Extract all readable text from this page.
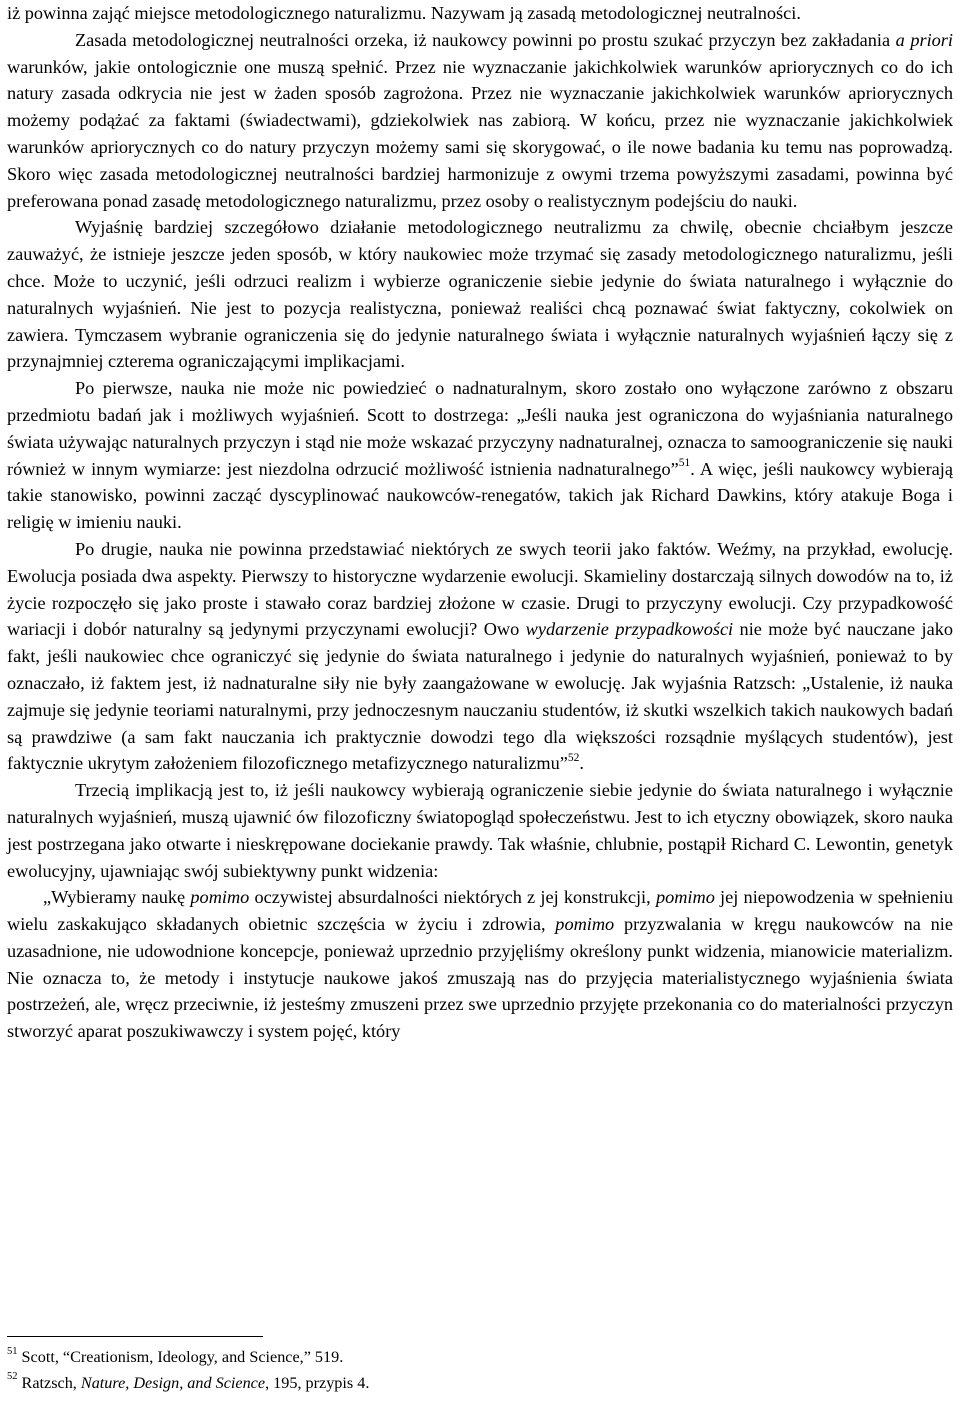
iż powinna zająć miejsce metodologicznego naturalizmu. Nazywam ją zasadą metodologicznej neutralności.

Zasada metodologicznej neutralności orzeka, iż naukowcy powinni po prostu szukać przyczyn bez zakładania a priori warunków, jakie ontologicznie one muszą spełnić. Przez nie wyznaczanie jakichkolwiek warunków apriorycznych co do ich natury zasada odkrycia nie jest w żaden sposób zagrożona. Przez nie wyznaczanie jakichkolwiek warunków apriorycznych możemy podążać za faktami (świadectwami), gdziekolwiek nas zabiorą. W końcu, przez nie wyznaczanie jakichkolwiek warunków apriorycznych co do natury przyczyn możemy sami się skorygować, o ile nowe badania ku temu nas poprowadzą. Skoro więc zasada metodologicznej neutralności bardziej harmonizuje z owymi trzema powyższymi zasadami, powinna być preferowana ponad zasadę metodologicznego naturalizmu, przez osoby o realistycznym podejściu do nauki.

Wyjaśnię bardziej szczegółowo działanie metodologicznego neutralizmu za chwilę, obecnie chciałbym jeszcze zauważyć, że istnieje jeszcze jeden sposób, w który naukowiec może trzymać się zasady metodologicznego naturalizmu, jeśli chce. Może to uczynić, jeśli odrzuci realizm i wybierze ograniczenie siebie jedynie do świata naturalnego i wyłącznie do naturalnych wyjaśnień. Nie jest to pozycja realistyczna, ponieważ realiści chcą poznawać świat faktyczny, cokolwiek on zawiera. Tymczasem wybranie ograniczenia się do jedynie naturalnego świata i wyłącznie naturalnych wyjaśnień łączy się z przynajmniej czterema ograniczającymi implikacjami.

Po pierwsze, nauka nie może nic powiedzieć o nadnaturalnym, skoro zostało ono wyłączone zarówno z obszaru przedmiotu badań jak i możliwych wyjaśnień. Scott to dostrzega: „Jeśli nauka jest ograniczona do wyjaśniania naturalnego świata używając naturalnych przyczyn i stąd nie może wskazać przyczyny nadnaturalnej, oznacza to samoograniczenie się nauki również w innym wymiarze: jest niezdolna odrzucić możliwość istnienia nadnaturalnego”$^{51}$. A więc, jeśli naukowcy wybierają takie stanowisko, powinni zacząć dyscyplinować naukowców-renegatów, takich jak Richard Dawkins, który atakuje Boga i religię w imieniu nauki.

Po drugie, nauka nie powinna przedstawiać niektórych ze swych teorii jako faktów. Weźmy, na przykład, ewolucję. Ewolucja posiada dwa aspekty. Pierwszy to historyczne wydarzenie ewolucji. Skamieliny dostarczają silnych dowodów na to, iż życie rozpoczęło się jako proste i stawało coraz bardziej złożone w czasie. Drugi to przyczyny ewolucji. Czy przypadkowość wariacji i dobór naturalny są jedynymi przyczynami ewolucji? Owo wydarzenie przypadkowości nie może być nauczane jako fakt, jeśli naukowiec chce ograniczyć się jedynie do świata naturalnego i jedynie do naturalnych wyjaśnień, ponieważ to by oznaczało, iż faktem jest, iż nadnaturalne siły nie były zaangażowane w ewolucję. Jak wyjaśnia Ratzsch: „Ustalenie, iż nauka zajmuje się jedynie teoriami naturalnymi, przy jednoczesnym nauczaniu studentów, iż skutki wszelkich takich naukowych badań są prawdziwe (a sam fakt nauczania ich praktycznie dowodzi tego dla większości rozsądnie myślących studentów), jest faktycznie ukrytym założeniem filozoficznego metafizycznego naturalizmu”$^{52}$.

Trzecią implikacją jest to, iż jeśli naukowcy wybierają ograniczenie siebie jedynie do świata naturalnego i wyłącznie naturalnych wyjaśnień, muszą ujawnić ów filozoficzny światopogląd społeczeństwu. Jest to ich etyczny obowiązek, skoro nauka jest postrzegana jako otwarte i nieskrępowane dociekanie prawdy. Tak właśnie, chlubnie, postąpił Richard C. Lewontin, genetyk ewolucyjny, ujawniając swój subiektywny punkt widzenia:

„Wybieramy naukę pomimo oczywistej absurdalności niektórych z jej konstrukcji, pomimo jej niepowodzenia w spełnieniu wielu zaskakująco składanych obietnic szczęścia w życiu i zdrowia, pomimo przyzwalania w kręgu naukowców na nie uzasadnione, nie udowodnione koncepcje, ponieważ uprzednio przyjęliśmy określony punkt widzenia, mianowicie materializm. Nie oznacza to, że metody i instytucje naukowe jakoś zmuszają nas do przyjęcia materialistycznego wyjaśnienia świata postrzeżeń, ale, wręcz przeciwnie, iż jesteśmy zmuszeni przez swe uprzednio przyjęte przekonania co do materialności przyczyn stworzyć aparat poszukiwawczy i system pojęć, który

$^{51}$ Scott, “Creationism, Ideology, and Science,” 519.

$^{52}$ Ratzsch, Nature, Design, and Science, 195, przypis 4.
